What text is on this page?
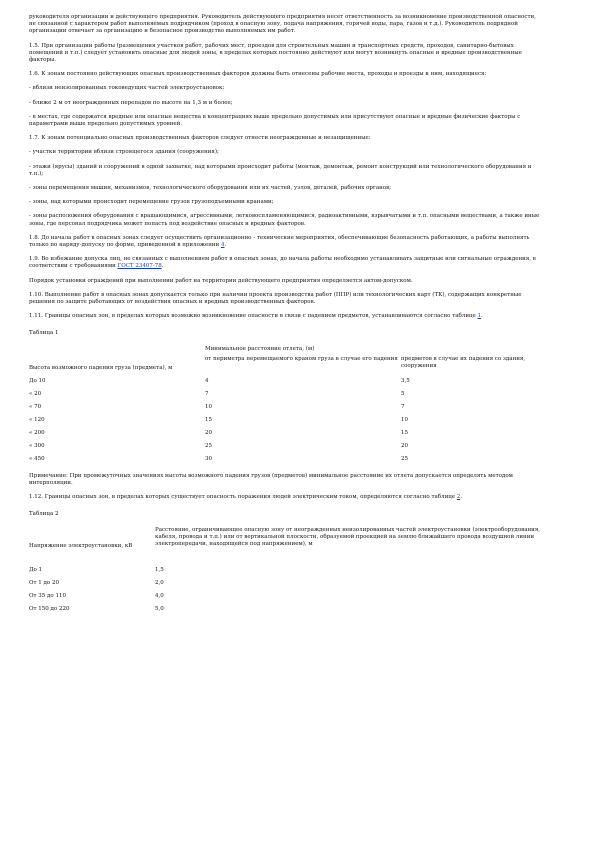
руководителя организации и действующего предприятия. Руководитель действующего предприятия несет ответственность за возникновение производственной опасности, не связанной с характером работ выполняемых подрядчиком (проход в опасную зону, подача напряжения, горячей воды, пара, газов и т.д.). Руководитель подрядной организации отвечает за организацию и безопасное производство выполняемых им работ.

1.5. При организации работы (размещения участков работ, рабочих мест, проездов для строительных машин и транспортных средств, проходов, санитарно-бытовых помещений и т.п.) следует установить опасные для людей зоны, в пределах которых постоянно действуют или могут возникнуть опасные и вредные производственные факторы.

1.6. К зонам постоянно действующих опасных производственных факторов должны быть отнесены рабочие места, проходы и проезды к ним, находящиеся:

- вблизи неизолированных токоведущих частей электроустановок;

- ближе 2 м от неогражденных перепадов по высоте на 1,3 м и более;

- в местах, где содержатся вредные или опасные вещества в концентрациях выше предельно допустимых или присутствуют опасные и вредные физические факторы с параметрами выше предельно допустимых уровней.

1.7. К зонам потенциально опасных производственных факторов следует отнести неогражденные и незащищенные:

- участки территории вблизи строящегося здания (сооружения);

- этажи (ярусы) зданий и сооружений в одной захватке, над которыми происходит работы (монтаж, демонтаж, ремонт конструкций или технологического оборудования и т.п.);

- зоны перемещения машин, механизмов, технологического оборудования или их частей, узлов, деталей, рабочих органов;

- зоны, над которыми происходит перемещение грузов грузоподъемными кранами;

- зоны расположения оборудования с вращающимися, агрессивными, легковоспламеняющимися, радиоактивными, взрывчатыми и т.п. опасными веществами, а также иные зоны, где персонал подрядчика может попасть под воздействие опасных и вредных факторов.

1.8. До начала работ в опасных зонах следует осуществить организационно - технические мероприятия, обеспечивающие безопасность работающих, а работы выполнять только по наряду-допуску по форме, приведенной в приложении 4.

1.9. Во избежание допуска лиц, не связанных с выполнением работ в опасных зонах, до начала работы необходимо устанавливать защитные или сигнальные ограждения, в соответствии с требованиями ГОСТ 23407-78.

Порядок установки ограждений при выполнении работ на территории действующего предприятия определяется актом-допуском.

1.10. Выполнение работ в опасных зонах допускается только при наличии проекта производства работ (ППР) или технологических карт (ТК), содержащих конкретные решения по защите работающих от воздействия опасных и вредных производственных факторов.

1.11. Границы опасных зон, в пределах которых возможно возникновение опасности в связи с падением предметов, устанавливаются согласно таблице 1.

Таблица 1

Высота возможного падения груза (предмета), м	Минимальное расстояние отлета, (м)	
	от периметра перемещаемого краном груза в случае его падения	предметов в случае их падения со здания, сооружения
До 10	4	3,5
« 20	7	5
« 70	10	7
« 120	15	10
« 200	20	15
« 300	25	20
« 450	30	25

Примечание: При промежуточных значениях высоты возможного падения грузов (предметов) минимальное расстояние их отлета допускается определять методом интерполяции.

1.12. Границы опасных зон, в пределах которых существует опасность поражения людей электрическим током, определяются согласно таблице 2.

Таблица 2

Напряжение электроустановки, кВ	Расстояние, ограничивающее опасную зону от неогражденных неизолированных частей электроустановки (электрооборудования, кабеля, провода и т.п.) или от вертикальной плоскости, образуемой проекцией на землю ближайшего провода воздушной линии электропередачи, находящейся под напряжением), м
До 1	1,5
От 1 до 20	2,0
От 35 до 110	4,0
От 150 до 220	5,0
